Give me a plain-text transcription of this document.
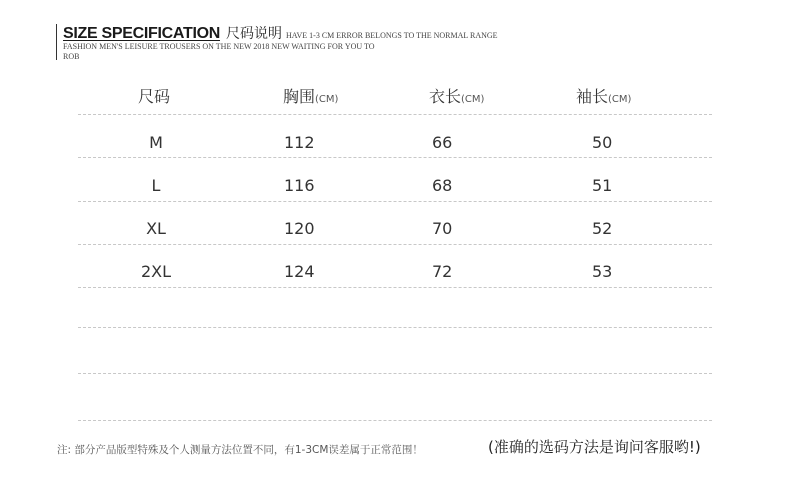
SIZE SPECIFICATION 尺码说明 HAVE 1-3 CM ERROR BELONGS TO THE NORMAL RANGE
FASHION MEN'S LEISURE TROUSERS ON THE NEW 2018 NEW WAITING FOR YOU TO ROB
尺码	胸围(CM)	衣长(CM)	袖长(CM)
M	112	66	50
L	116	68	51
XL	120	70	52
2XL	124	72	53
注: 部分产品版型特殊及个人测量方法位置不同，有1-3CM误差属于正常范围！	(准确的选码方法是询问客服哟!)
